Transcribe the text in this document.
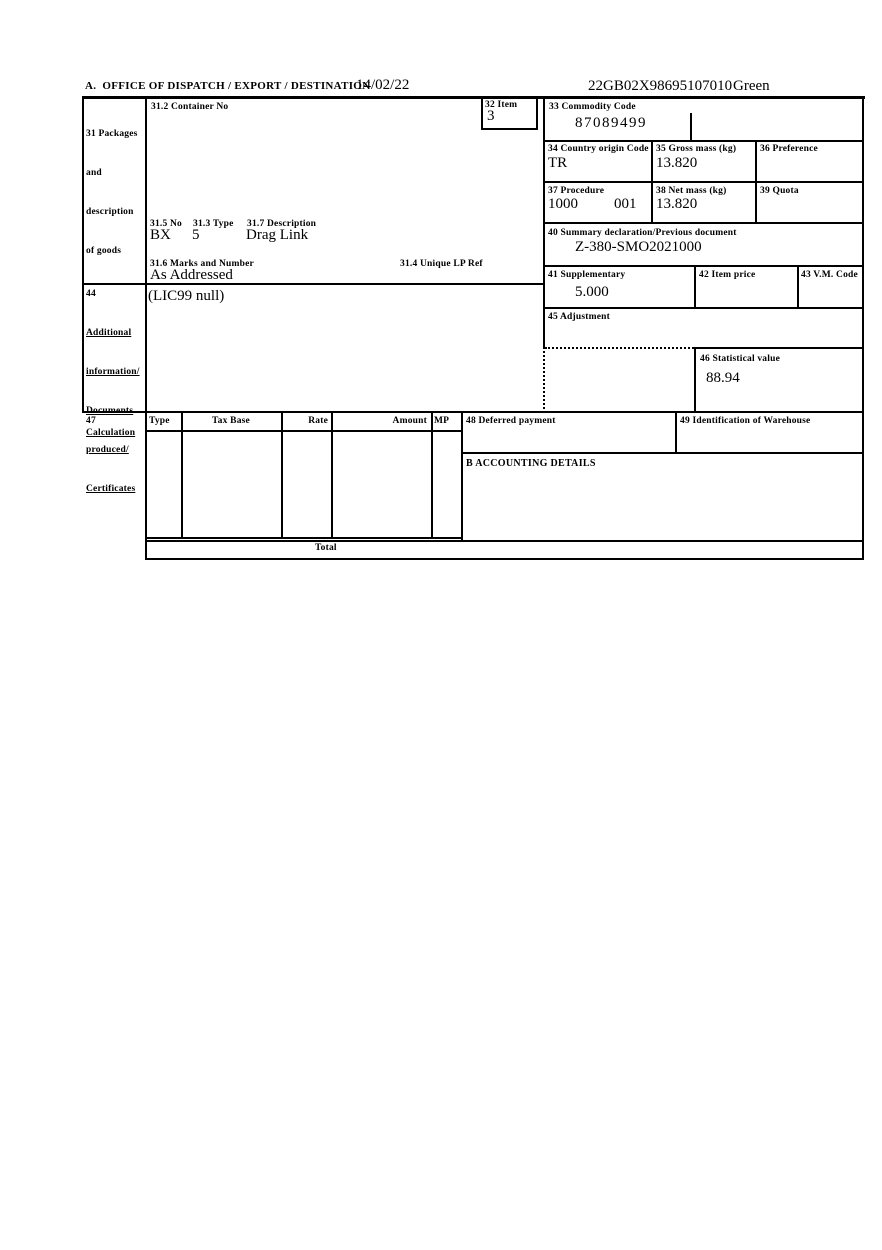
A.  OFFICE OF DISPATCH / EXPORT / DESTINATION
14/02/22	22GB02X98695107010 Green

31 Packages

and

description

of goods

31.2 Container No
31.5 No 31.3 Type 31.7 Description
BX 5	Drag Link
31.6 Marks and Number	31.4 Unique LP Ref
As Addressed
32 Item
3
33 Commodity Code
87089499
34 Country origin Code
TR
35 Gross mass (kg)
13.820
36 Preference
37 Procedure
1000 001
38 Net mass (kg)
13.820
39 Quota
40 Summary declaration/Previous document
Z-380-SMO2021000
41 Supplementary
5.000
42 Item price	43 V.M. Code
44

Additional

information/

Documents

produced/

Certificates

(LIC99 null)
45 Adjustment
46 Statistical value
88.94
47
Calculation
Type	Tax Base	Rate	Amount MP
Total
48 Deferred payment	49 Identification of Warehouse
B ACCOUNTING DETAILS
